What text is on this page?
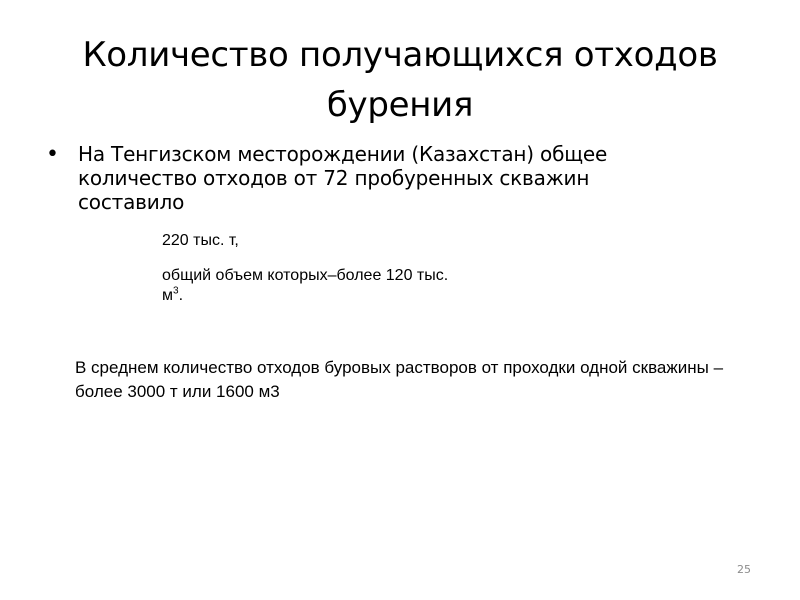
Количество получающихся отходов бурения
• На Тенгизском месторождении (Казахстан) общее количество отходов от 72 пробуренных скважин составило
220 тыс. т,
общий объем которых–более 120 тыс. $м^3$.
В среднем количество отходов буровых растворов от проходки одной скважины – более 3000 т или 1600 м3
25
